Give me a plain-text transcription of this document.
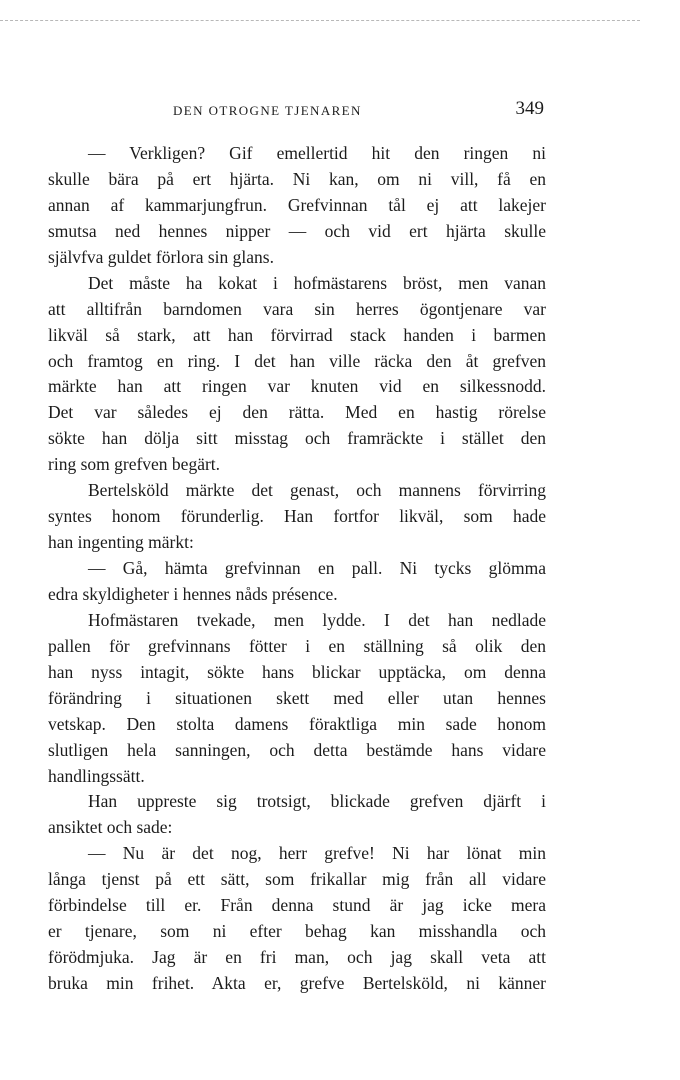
DEN OTROGNE TJENAREN	349
— Verkligen? Gif emellertid hit den ringen ni
skulle bära på ert hjärta. Ni kan, om ni vill, få en
annan af kammarjungfrun. Grefvinnan tål ej att lakejer
smutsa ned hennes nipper — och vid ert hjärta skulle
självfva guldet förlora sin glans.
Det måste ha kokat i hofmästarens bröst, men vanan
att alltifrån barndomen vara sin herres ögontjenare var
likväl så stark, att han förvirrad stack handen i barmen
och framtog en ring. I det han ville räcka den åt grefven
märkte han att ringen var knuten vid en silkessnodd.
Det var således ej den rätta. Med en hastig rörelse
sökte han dölja sitt misstag och framräckte i stället den
ring som grefven begärt.
Bertelsköld märkte det genast, och mannens förvirring
syntes honom förunderlig. Han fortfor likväl, som hade
han ingenting märkt:
— Gå, hämta grefvinnan en pall. Ni tycks glömma
edra skyldigheter i hennes nåds présence.
Hofmästaren tvekade, men lydde. I det han nedlade
pallen för grefvinnans fötter i en ställning så olik den
han nyss intagit, sökte hans blickar upptäcka, om denna
förändring i situationen skett med eller utan hennes
vetskap. Den stolta damens föraktliga min sade honom
slutligen hela sanningen, och detta bestämde hans vidare
handlingssätt.
Han uppreste sig trotsigt, blickade grefven djärft i
ansiktet och sade:
— Nu är det nog, herr grefve! Ni har lönat min
långa tjenst på ett sätt, som frikallar mig från all vidare
förbindelse till er. Från denna stund är jag icke mera
er tjenare, som ni efter behag kan misshandla och
förödmjuka. Jag är en fri man, och jag skall veta att
bruka min frihet. Akta er, grefve Bertelsköld, ni känner
